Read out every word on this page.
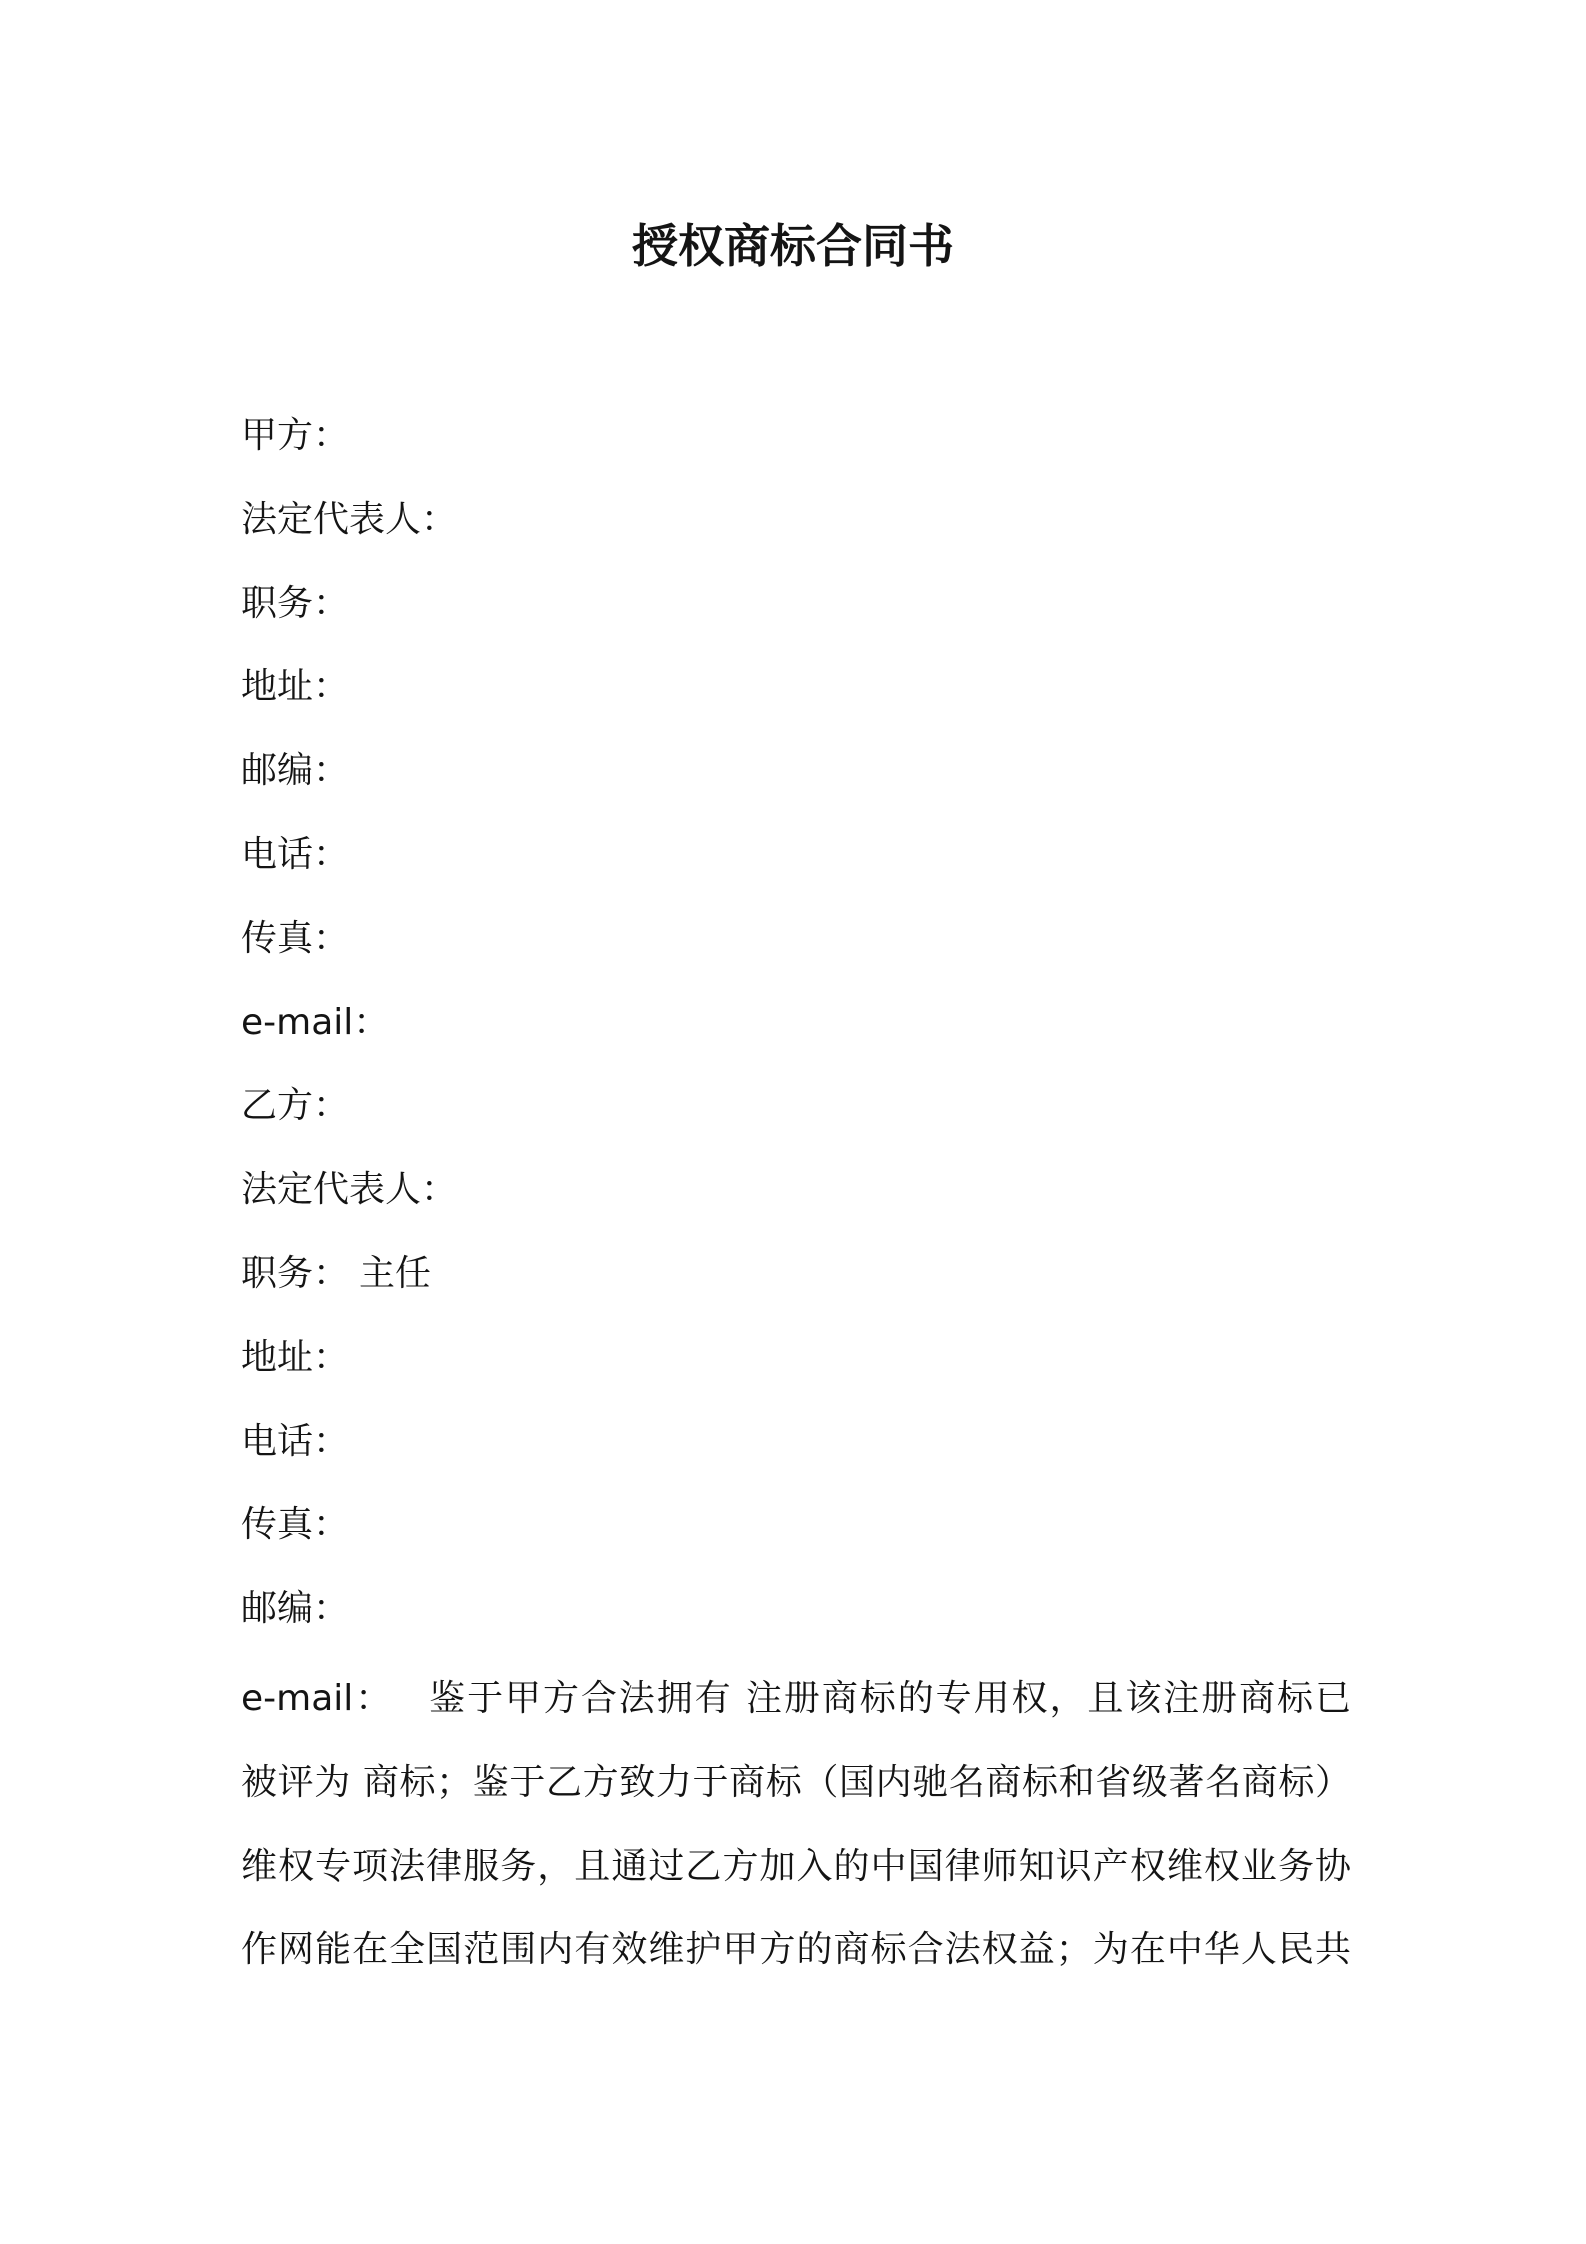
授权商标合同书
甲方：
法定代表人：
职务：
地址：
邮编：
电话：
传真：
e-mail：
乙方：
法定代表人：
职务： 主任
地址：
电话：
传真：
邮编：
e-mail： 鉴于甲方合法拥有 注册商标的专用权，且该注册商标已
被评为 商标；鉴于乙方致力于商标（国内驰名商标和省级著名商标）
维权专项法律服务，且通过乙方加入的中国律师知识产权维权业务协
作网能在全国范围内有效维护甲方的商标合法权益；为在中华人民共
